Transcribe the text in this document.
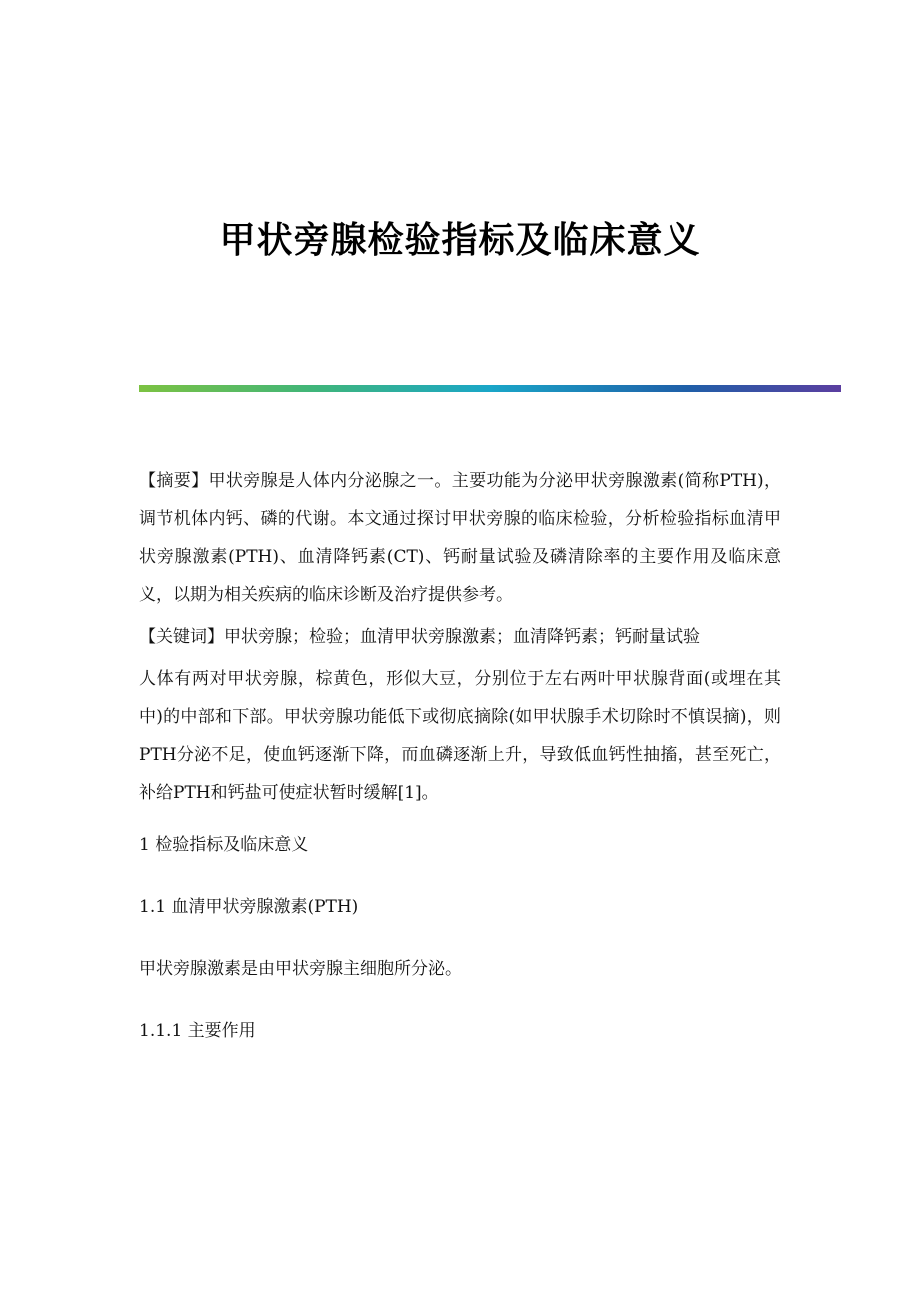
甲状旁腺检验指标及临床意义

【摘要】甲状旁腺是人体内分泌腺之一。主要功能为分泌甲状旁腺激素(简称PTH)，调节机体内钙、磷的代谢。本文通过探讨甲状旁腺的临床检验，分析检验指标血清甲状旁腺激素(PTH)、血清降钙素(CT)、钙耐量试验及磷清除率的主要作用及临床意义，以期为相关疾病的临床诊断及治疗提供参考。

【关键词】甲状旁腺；检验；血清甲状旁腺激素；血清降钙素；钙耐量试验

人体有两对甲状旁腺，棕黄色，形似大豆，分别位于左右两叶甲状腺背面(或埋在其中)的中部和下部。甲状旁腺功能低下或彻底摘除(如甲状腺手术切除时不慎误摘)，则PTH分泌不足，使血钙逐渐下降，而血磷逐渐上升，导致低血钙性抽搐，甚至死亡，补给PTH和钙盐可使症状暂时缓解[1]。

1 检验指标及临床意义

1.1 血清甲状旁腺激素(PTH)

甲状旁腺激素是由甲状旁腺主细胞所分泌。

1.1.1 主要作用
